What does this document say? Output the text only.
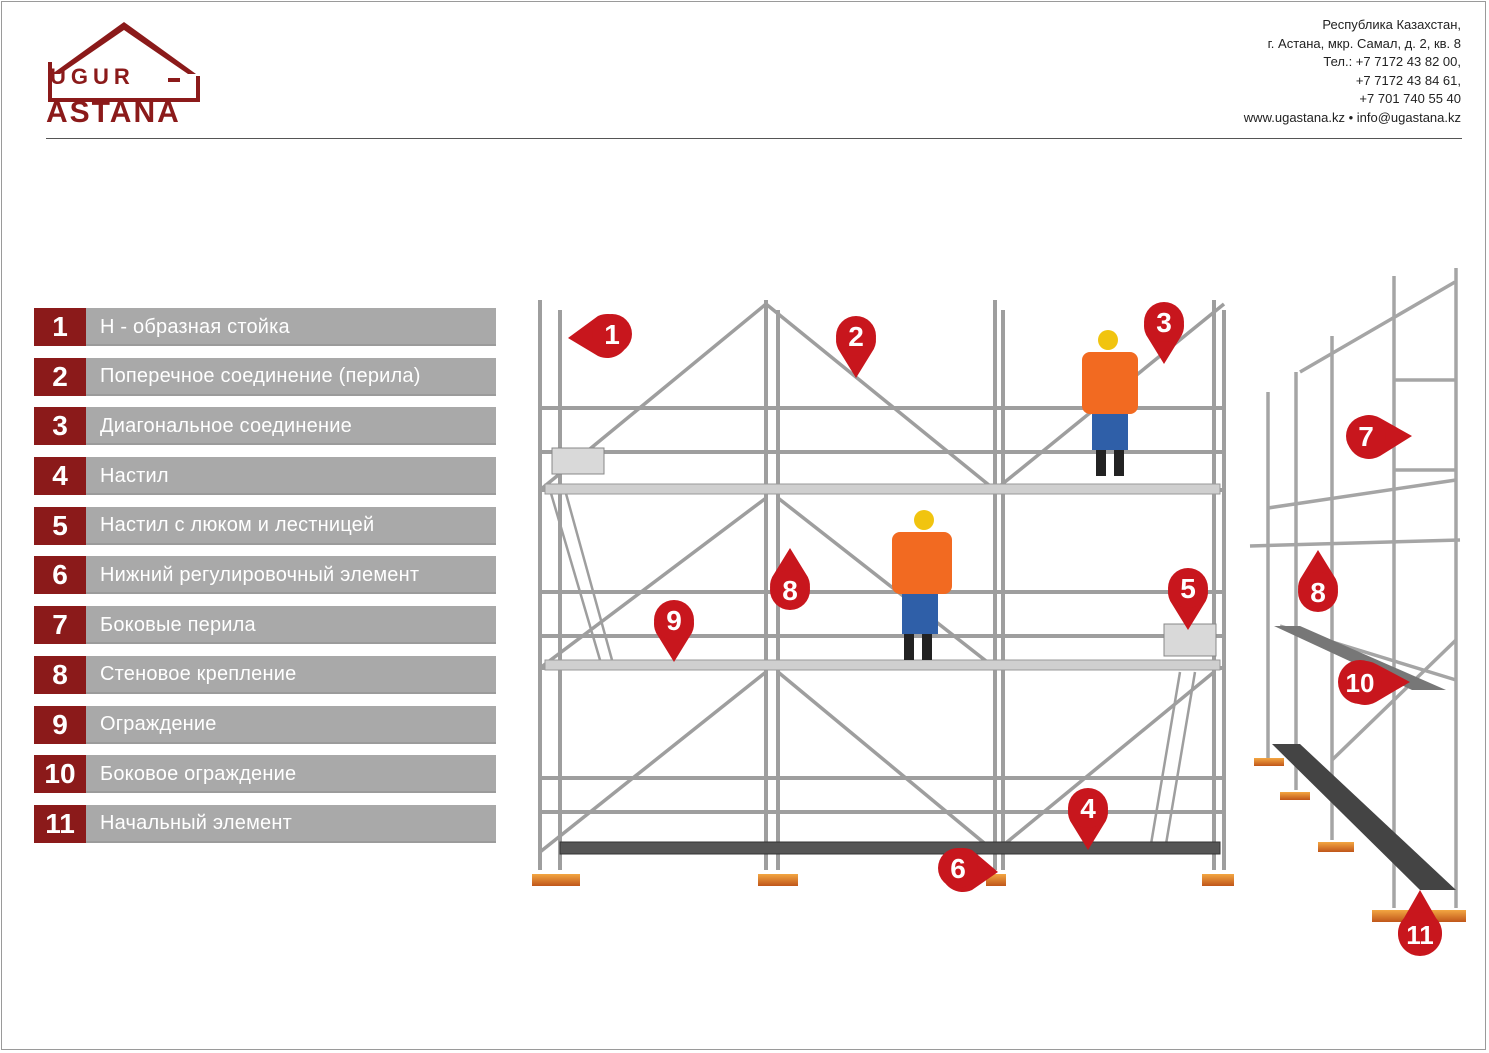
UGUR
ASTANA
Республика Казахстан,
г. Астана, мкр. Самал, д. 2, кв. 8
Тел.: +7 7172 43 82 00,
+7 7172 43 84 61,
+7 701 740 55 40
www.ugastana.kz • info@ugastana.kz
1	Н - образная стойка
2	Поперечное соединение (перила)
3	Диагональное соединение
4	Настил
5	Настил с люком и лестницей
6	Нижний регулировочный элемент
7	Боковые перила
8	Стеновое крепление
9	Ограждение
10	Боковое ограждение
11	Начальный элемент
1	2	3
4
5
6
7
8
9
8
10
11
